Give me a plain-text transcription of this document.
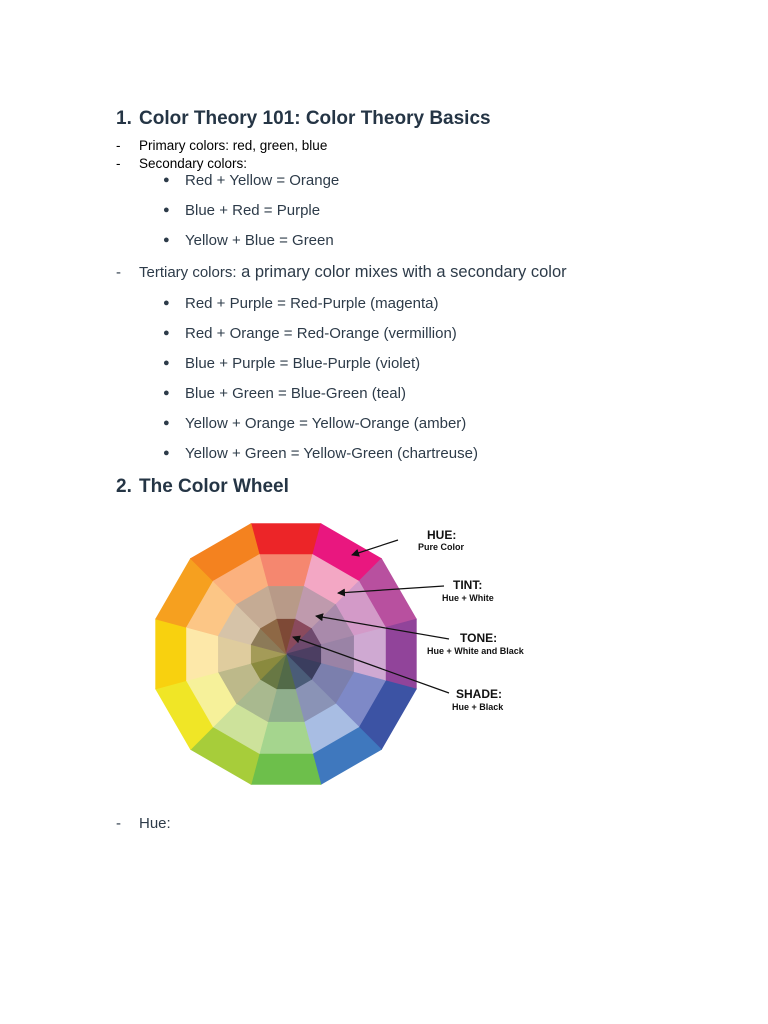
1. Color Theory 101: Color Theory Basics
- Primary colors: red, green, blue
- Secondary colors:
● Red + Yellow = Orange
● Blue + Red = Purple
● Yellow + Blue = Green
- Tertiary colors: a primary color mixes with a secondary color
● Red + Purple = Red-Purple (magenta)
● Red + Orange = Red-Orange (vermillion)
● Blue + Purple = Blue-Purple (violet)
● Blue + Green = Blue-Green (teal)
● Yellow + Orange = Yellow-Orange (amber)
● Yellow + Green = Yellow-Green (chartreuse)
2. The Color Wheel
HUE:
Pure Color
TINT:
Hue + White
TONE:
Hue + White and Black
SHADE:
Hue + Black
- Hue:
